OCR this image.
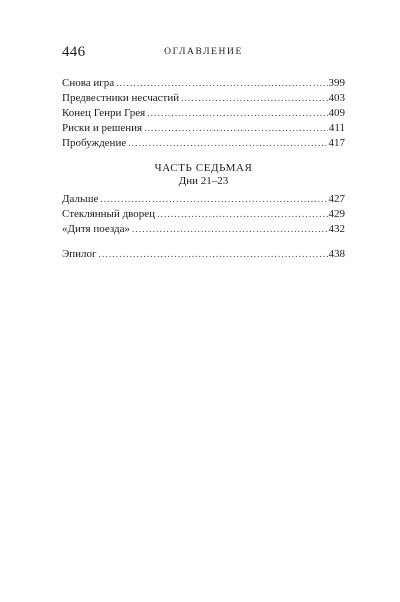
446	ОГЛАВЛЕНИЕ
Снова игра .....	399
Предвестники несчастий .....	403
Конец Генри Грея .....	409
Риски и решения .....	411
Пробуждение .....	417
ЧАСТЬ СЕДЬМАЯ
Дни 21–23
Дальше .....	427
Стеклянный дворец .....	429
«Дитя поезда» .....	432
Эпилог .....	438
